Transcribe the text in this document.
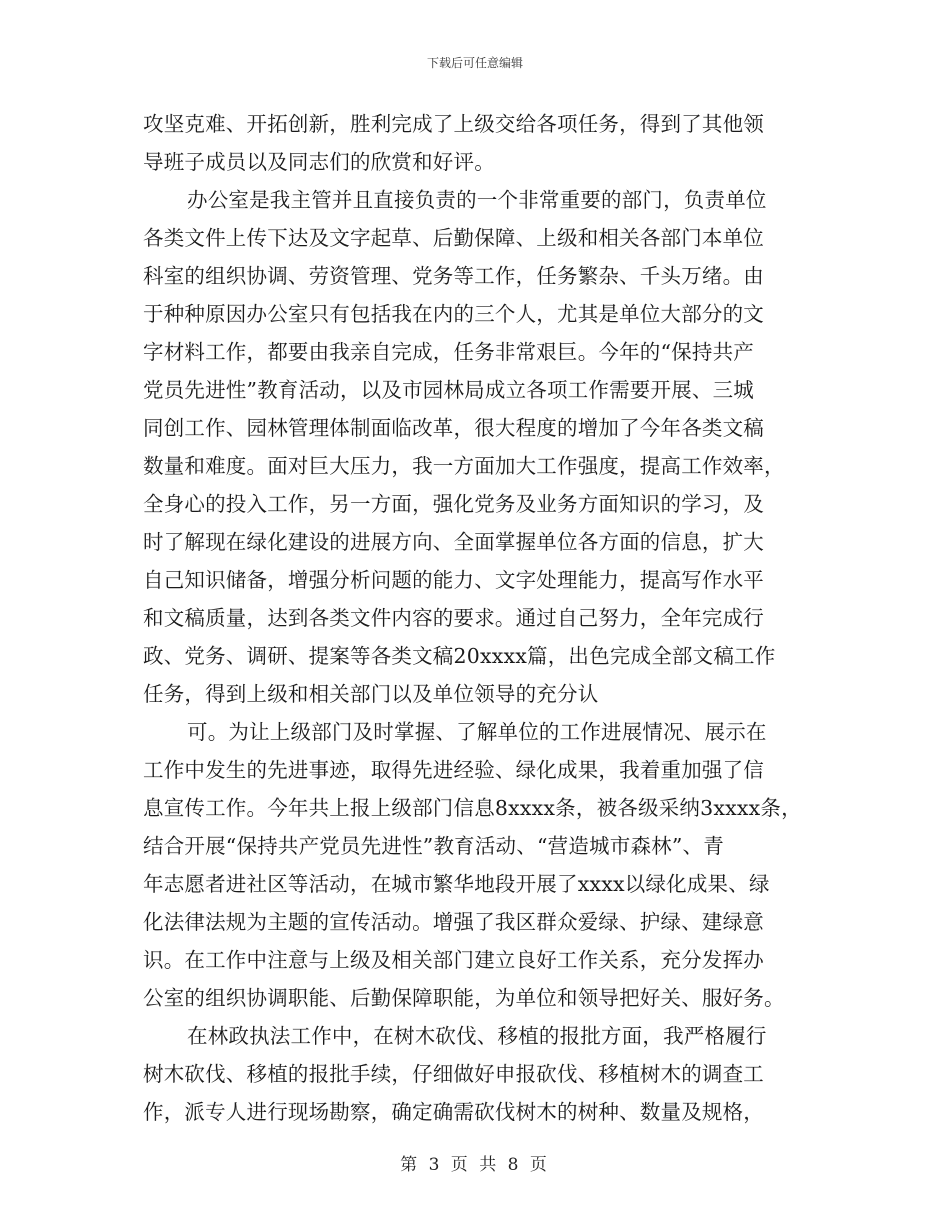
下载后可任意编辑
攻坚克难、开拓创新，胜利完成了上级交给各项任务，得到了其他领
导班子成员以及同志们的欣赏和好评。
办公室是我主管并且直接负责的一个非常重要的部门，负责单位
各类文件上传下达及文字起草、后勤保障、上级和相关各部门本单位
科室的组织协调、劳资管理、党务等工作，任务繁杂、千头万绪。由
于种种原因办公室只有包括我在内的三个人，尤其是单位大部分的文
字材料工作，都要由我亲自完成，任务非常艰巨。今年的“保持共产
党员先进性”教育活动，以及市园林局成立各项工作需要开展、三城
同创工作、园林管理体制面临改革，很大程度的增加了今年各类文稿
数量和难度。面对巨大压力，我一方面加大工作强度，提高工作效率，
全身心的投入工作，另一方面，强化党务及业务方面知识的学习，及
时了解现在绿化建设的进展方向、全面掌握单位各方面的信息，扩大
自己知识储备，增强分析问题的能力、文字处理能力，提高写作水平
和文稿质量，达到各类文件内容的要求。通过自己努力，全年完成行
政、党务、调研、提案等各类文稿20xxxx篇，出色完成全部文稿工作
任务，得到上级和相关部门以及单位领导的充分认
可。为让上级部门及时掌握、了解单位的工作进展情况、展示在
工作中发生的先进事迹，取得先进经验、绿化成果，我着重加强了信
息宣传工作。今年共上报上级部门信息8xxxx条，被各级采纳3xxxx条，
结合开展“保持共产党员先进性”教育活动、“营造城市森林”、青
年志愿者进社区等活动，在城市繁华地段开展了xxxx以绿化成果、绿
化法律法规为主题的宣传活动。增强了我区群众爱绿、护绿、建绿意
识。在工作中注意与上级及相关部门建立良好工作关系，充分发挥办
公室的组织协调职能、后勤保障职能，为单位和领导把好关、服好务。
在林政执法工作中，在树木砍伐、移植的报批方面，我严格履行
树木砍伐、移植的报批手续，仔细做好申报砍伐、移植树木的调查工
作，派专人进行现场勘察，确定确需砍伐树木的树种、数量及规格，
第 3 页 共 8 页
